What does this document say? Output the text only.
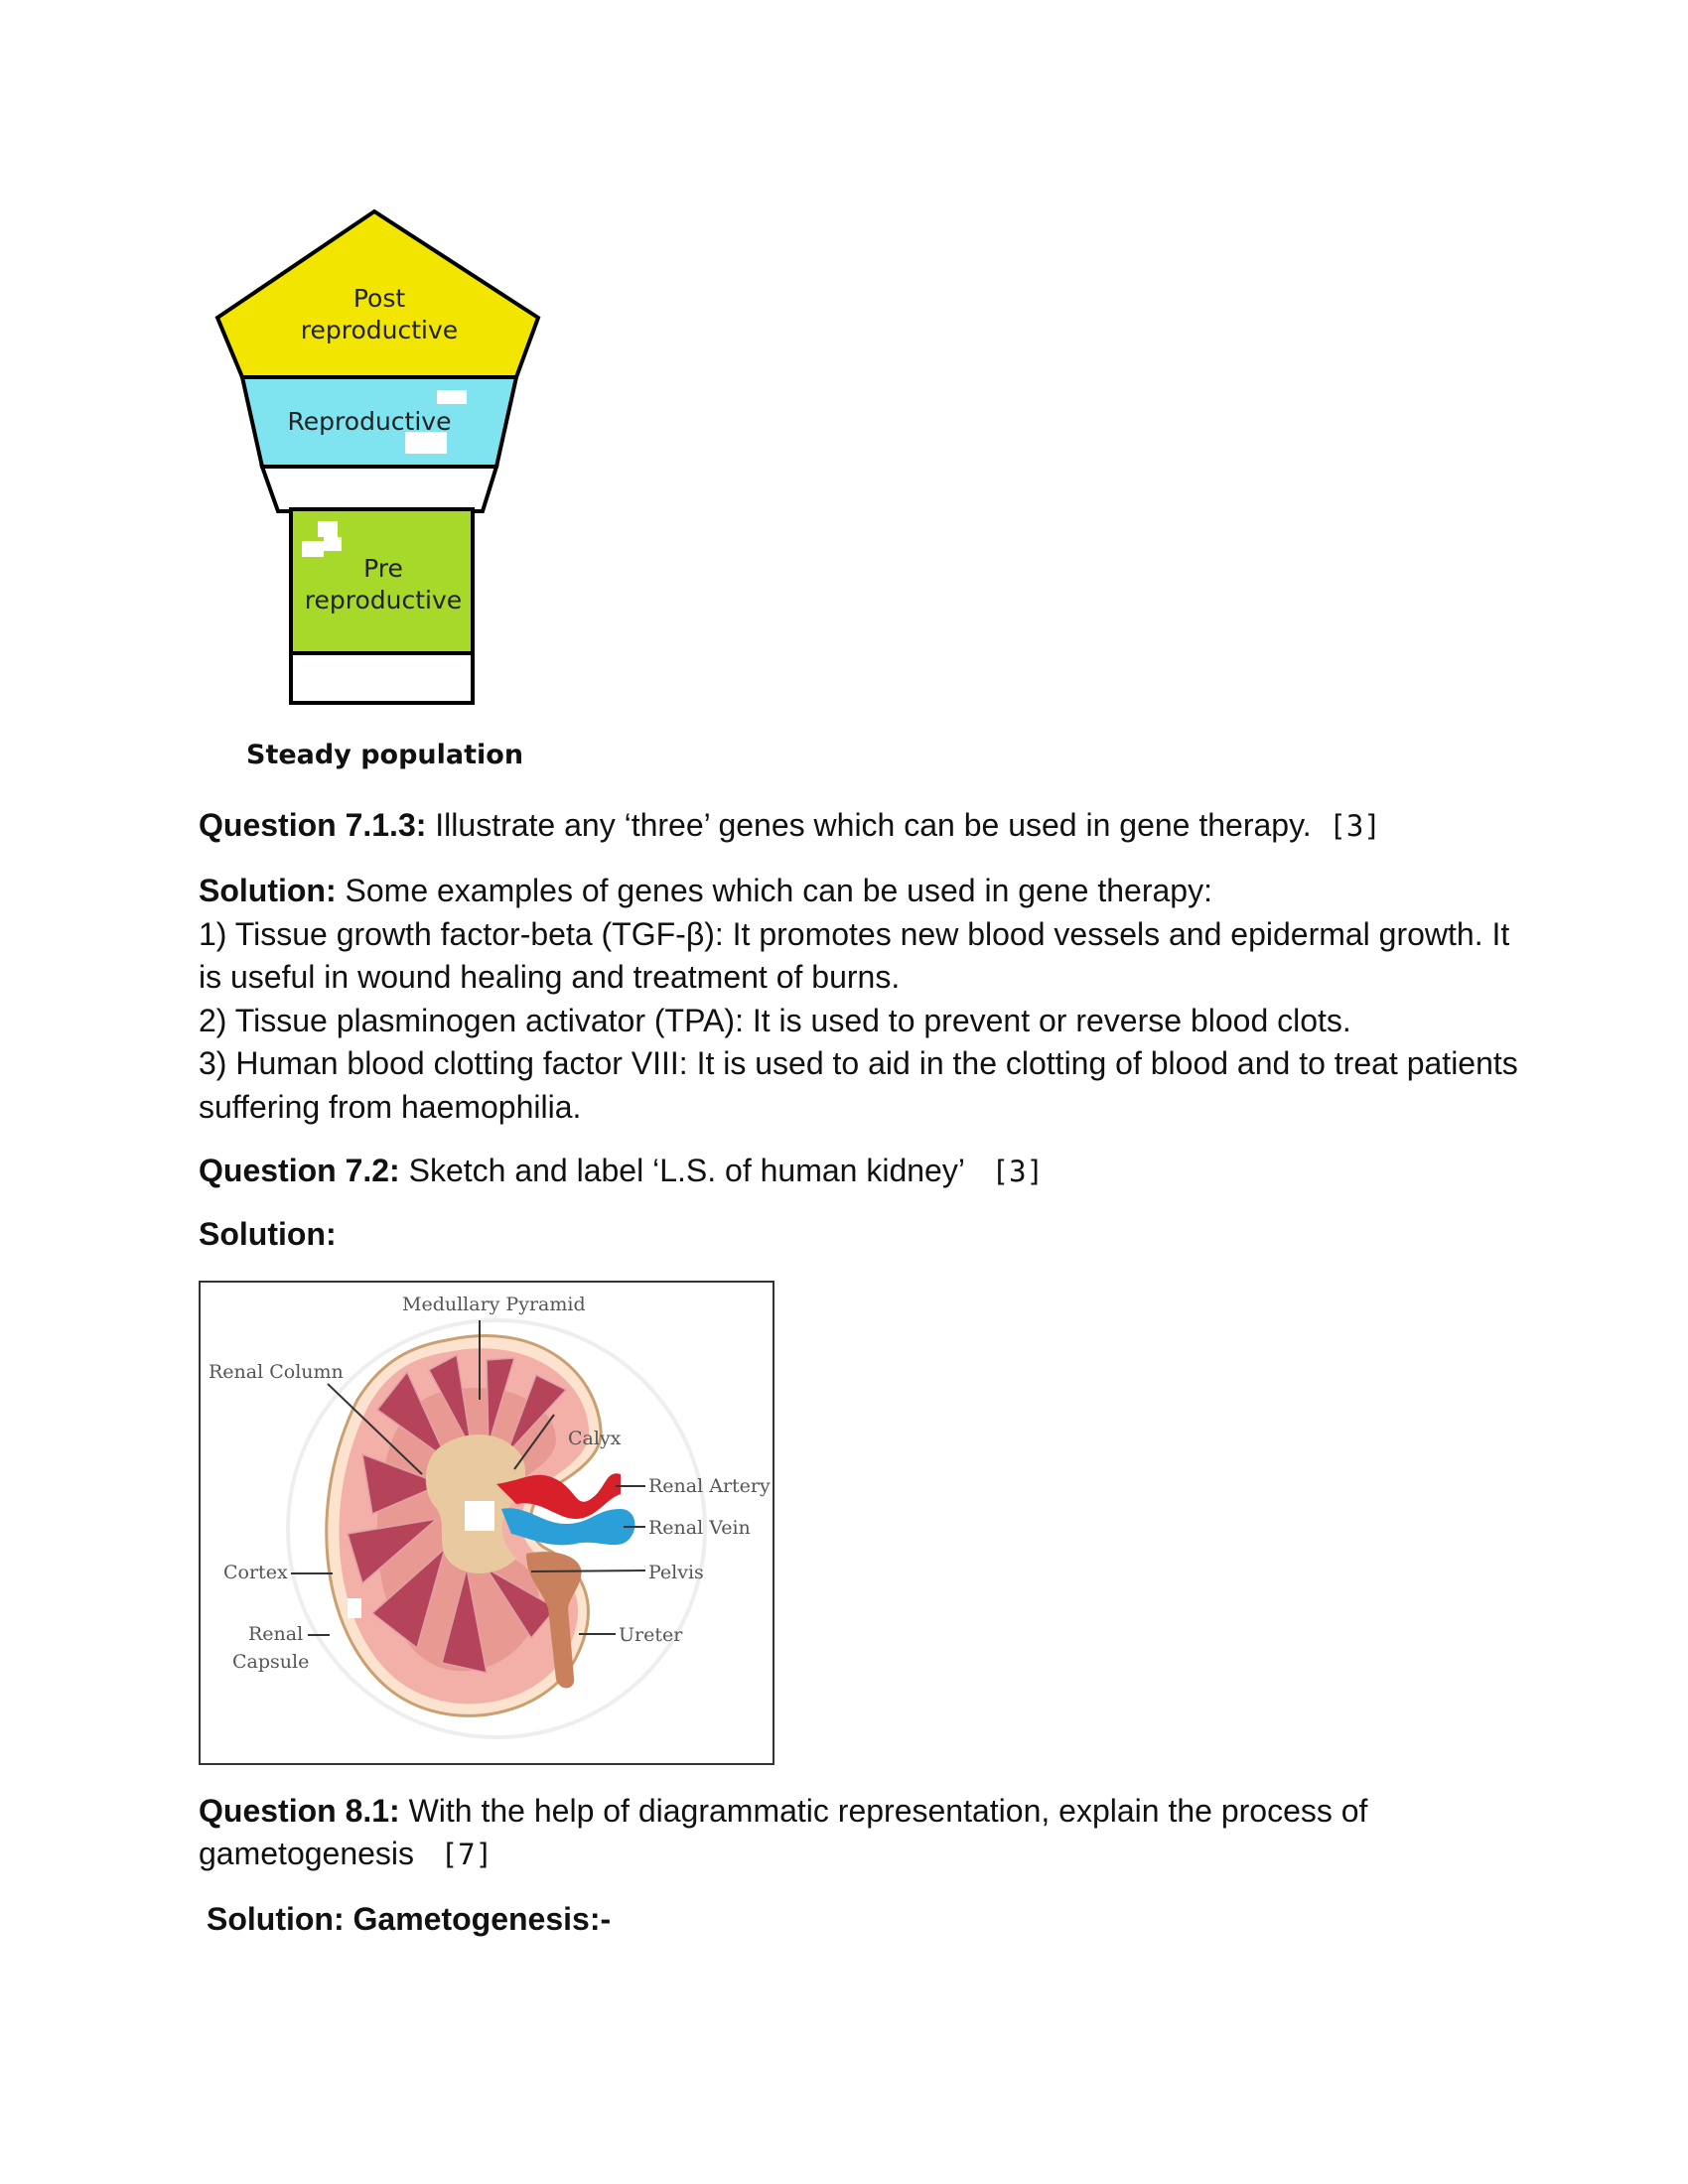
Post
reproductive
Reproductive
Pre
reproductive
Steady population
Question 7.1.3: Illustrate any ‘three’ genes which can be used in gene therapy. [3]

Solution: Some examples of genes which can be used in gene therapy:

1) Tissue growth factor-beta (TGF-β): It promotes new blood vessels and epidermal growth. It is useful in wound healing and treatment of burns.

2) Tissue plasminogen activator (TPA): It is used to prevent or reverse blood clots.

3) Human blood clotting factor VIII: It is used to aid in the clotting of blood and to treat patients suffering from haemophilia.

Question 7.2: Sketch and label ‘L.S. of human kidney’ [3]
Solution:
Medullary Pyramid
Renal Column
Calyx
Renal Artery
Renal Vein
Cortex	Pelvis
Renal
Capsule
Ureter
Question 8.1: With the help of diagrammatic representation, explain the process of
gametogenesis [7]
Solution: Gametogenesis:-
